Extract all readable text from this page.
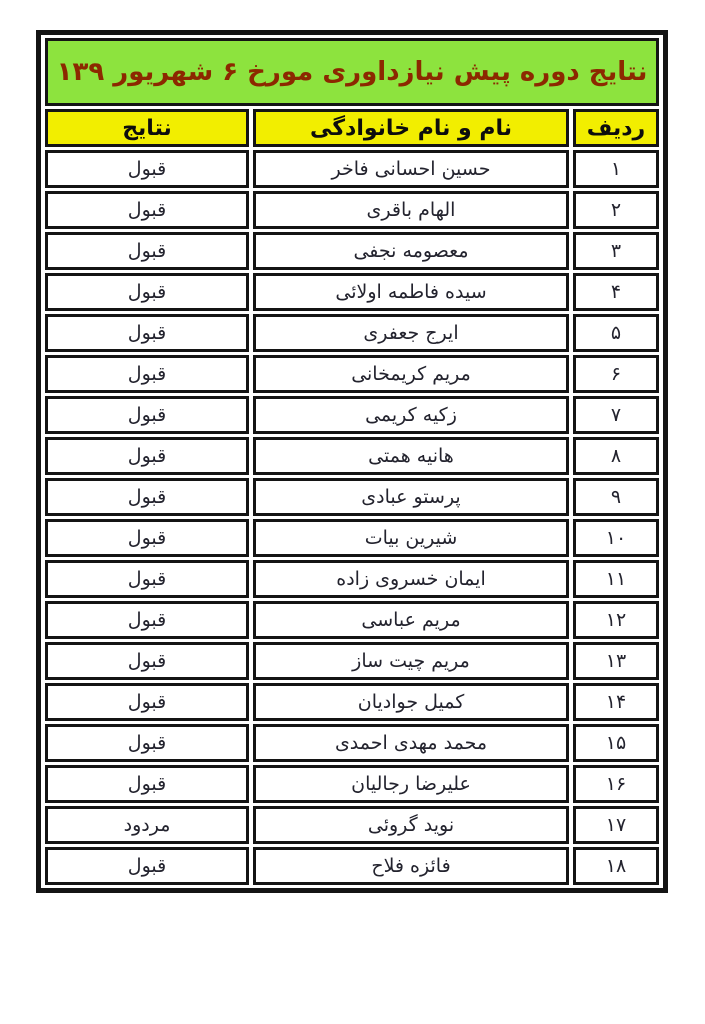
نتایج دوره پیش نیازداوری مورخ ۶ شهریور ۱۳۹		
ردیف	نام و نام خانوادگی	نتایج
۱	حسین احسانی فاخر	قبول
۲	الهام باقری	قبول
۳	معصومه نجفی	قبول
۴	سیده فاطمه اولائی	قبول
۵	ایرج جعفری	قبول
۶	مریم کریمخانی	قبول
۷	زکیه کریمی	قبول
۸	هانیه همتی	قبول
۹	پرستو عبادی	قبول
۱۰	شیرین بیات	قبول
۱۱	ایمان خسروی زاده	قبول
۱۲	مریم عباسی	قبول
۱۳	مریم چیت ساز	قبول
۱۴	کمیل جوادیان	قبول
۱۵	محمد مهدی احمدی	قبول
۱۶	علیرضا رجالیان	قبول
۱۷	نوید گروئی	مردود
۱۸	فائزه فلاح	قبول
